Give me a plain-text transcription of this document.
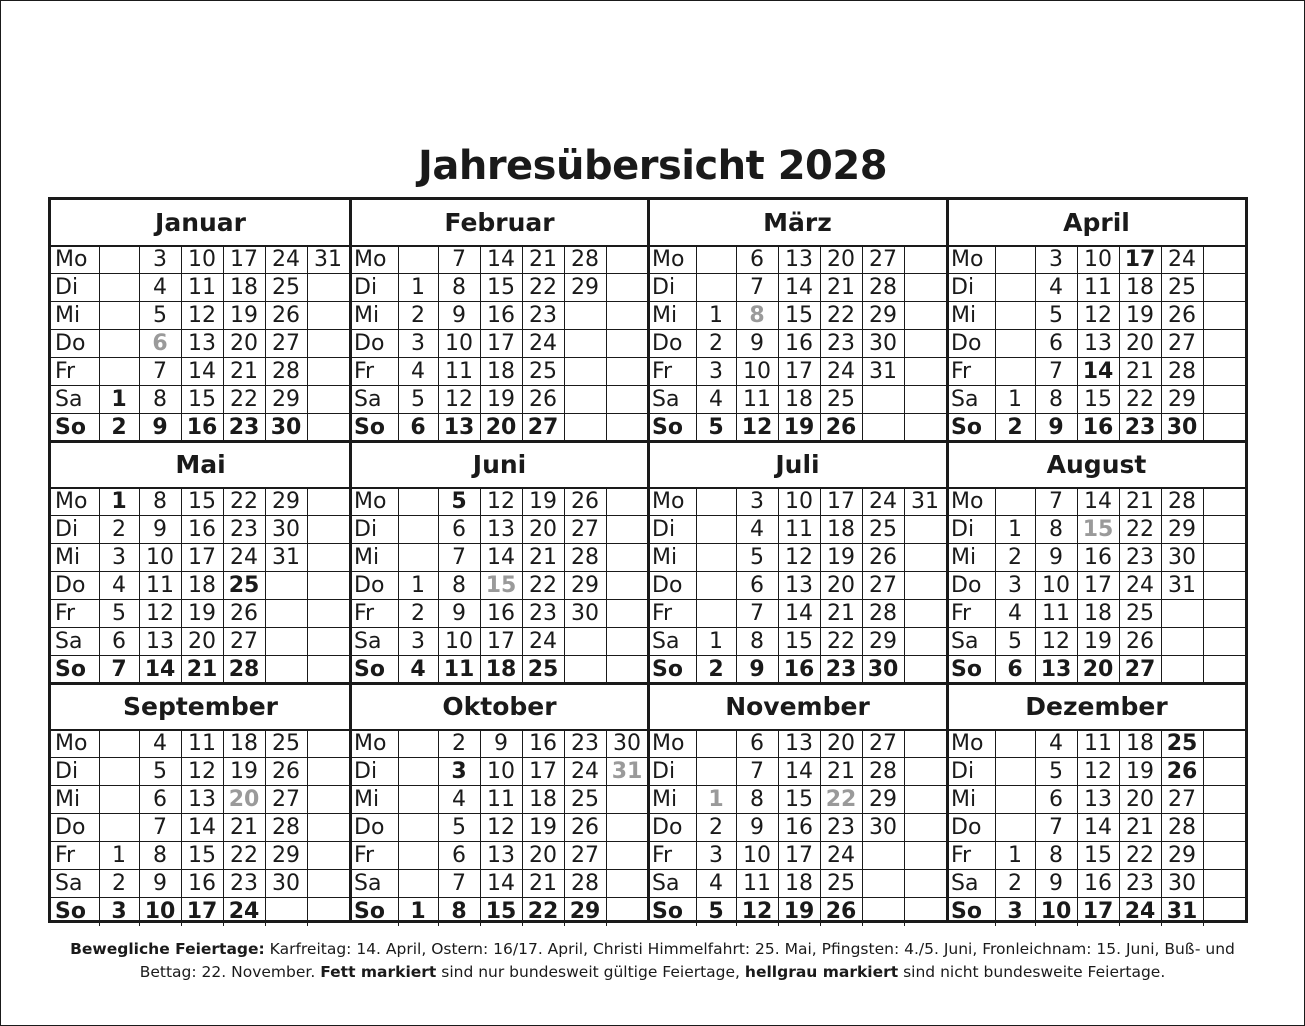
Jahresübersicht 2028
Januar
Mo
Di
Mi
Do
Fr
Sa
So
1
2
3
4
5
6
7
8
9
10
11
12
13
14
15
16
17
18
19
20
21
22
23
24
25
26
27
28
29
30
31
Februar
Mo
Di
Mi
Do
Fr
Sa
So
1
2
3
4
5
6
7
8
9
10
11
12
13
14
15
16
17
18
19
20
21
22
23
24
25
26
27
28
29
März
Mo
Di
Mi
Do
Fr
Sa
So
1
2
3
4
5
6
7
8
9
10
11
12
13
14
15
16
17
18
19
20
21
22
23
24
25
26
27
28
29
30
31
April
Mo
Di
Mi
Do
Fr
Sa
So
1
2
3
4
5
6
7
8
9
10
11
12
13
14
15
16
17
18
19
20
21
22
23
24
25
26
27
28
29
30
Mai
Mo
Di
Mi
Do
Fr
Sa
So
1
2
3
4
5
6
7
8
9
10
11
12
13
14
15
16
17
18
19
20
21
22
23
24
25
26
27
28
29
30
31
Juni
Mo
Di
Mi
Do
Fr
Sa
So
1
2
3
4
5
6
7
8
9
10
11
12
13
14
15
16
17
18
19
20
21
22
23
24
25
26
27
28
29
30
Juli
Mo
Di
Mi
Do
Fr
Sa
So
1
2
3
4
5
6
7
8
9
10
11
12
13
14
15
16
17
18
19
20
21
22
23
24
25
26
27
28
29
30
31
August
Mo
Di
Mi
Do
Fr
Sa
So
1
2
3
4
5
6
7
8
9
10
11
12
13
14
15
16
17
18
19
20
21
22
23
24
25
26
27
28
29
30
31
September
Mo
Di
Mi
Do
Fr
Sa
So
1
2
3
4
5
6
7
8
9
10
11
12
13
14
15
16
17
18
19
20
21
22
23
24
25
26
27
28
29
30
Oktober
Mo
Di
Mi
Do
Fr
Sa
So	1
2
3
4
5
6
7
8
9
10
11
12
13
14
15
16
17
18
19
20
21
22
23
24
25
26
27
28
29
30
31
November
Mo
Di
Mi
Do
Fr
Sa
So
1
2
3
4
5
6
7
8
9
10
11
12
13
14
15
16
17
18
19
20
21
22
23
24
25
26
27
28
29
30
Dezember
Mo
Di
Mi
Do
Fr
Sa
So
1
2
3
4
5
6
7
8
9
10
11
12
13
14
15
16
17
18
19
20
21
22
23
24
25
26
27
28
29
30
31
Bewegliche Feiertage: Karfreitag: 14. April, Ostern: 16/17. April, Christi Himmelfahrt: 25. Mai, Pfingsten: 4./5. Juni, Fronleichnam: 15. Juni, Buß- und Bettag: 22. November. Fett markiert sind nur bundesweit gültige Feiertage, hellgrau markiert sind nicht bundesweite Feiertage.
